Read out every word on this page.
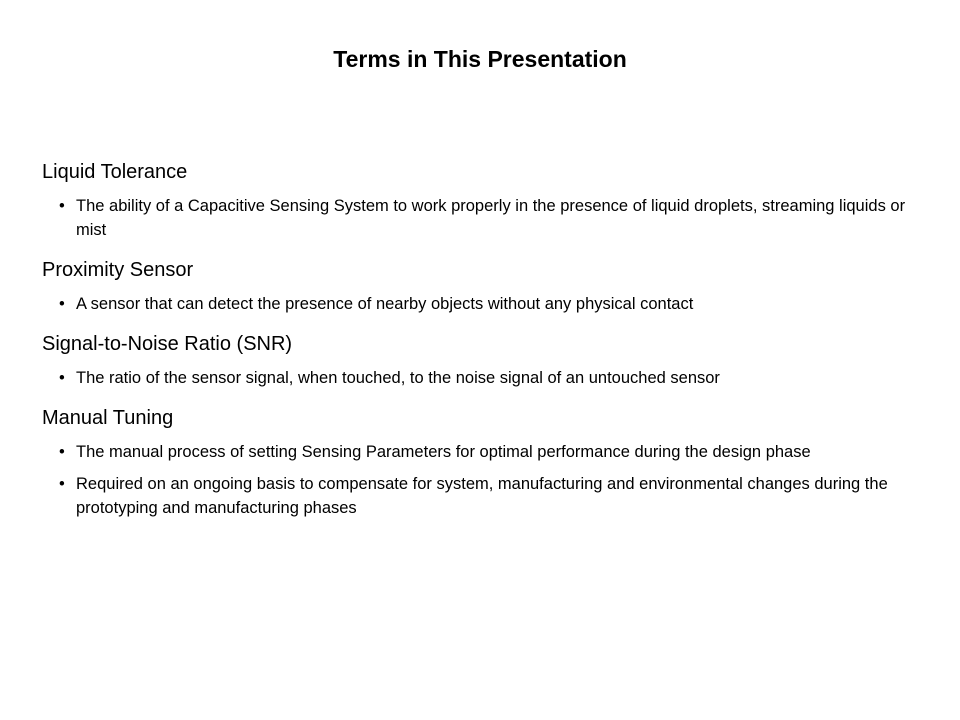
Terms in This Presentation
Liquid Tolerance
• The ability of a Capacitive Sensing System to work properly in the presence of liquid droplets, streaming liquids or mist
Proximity Sensor
• A sensor that can detect the presence of nearby objects without any physical contact
Signal-to-Noise Ratio (SNR)
• The ratio of the sensor signal, when touched, to the noise signal of an untouched sensor
Manual Tuning
• The manual process of setting Sensing Parameters for optimal performance during the design phase
• Required on an ongoing basis to compensate for system, manufacturing and environmental changes during the prototyping and manufacturing phases
